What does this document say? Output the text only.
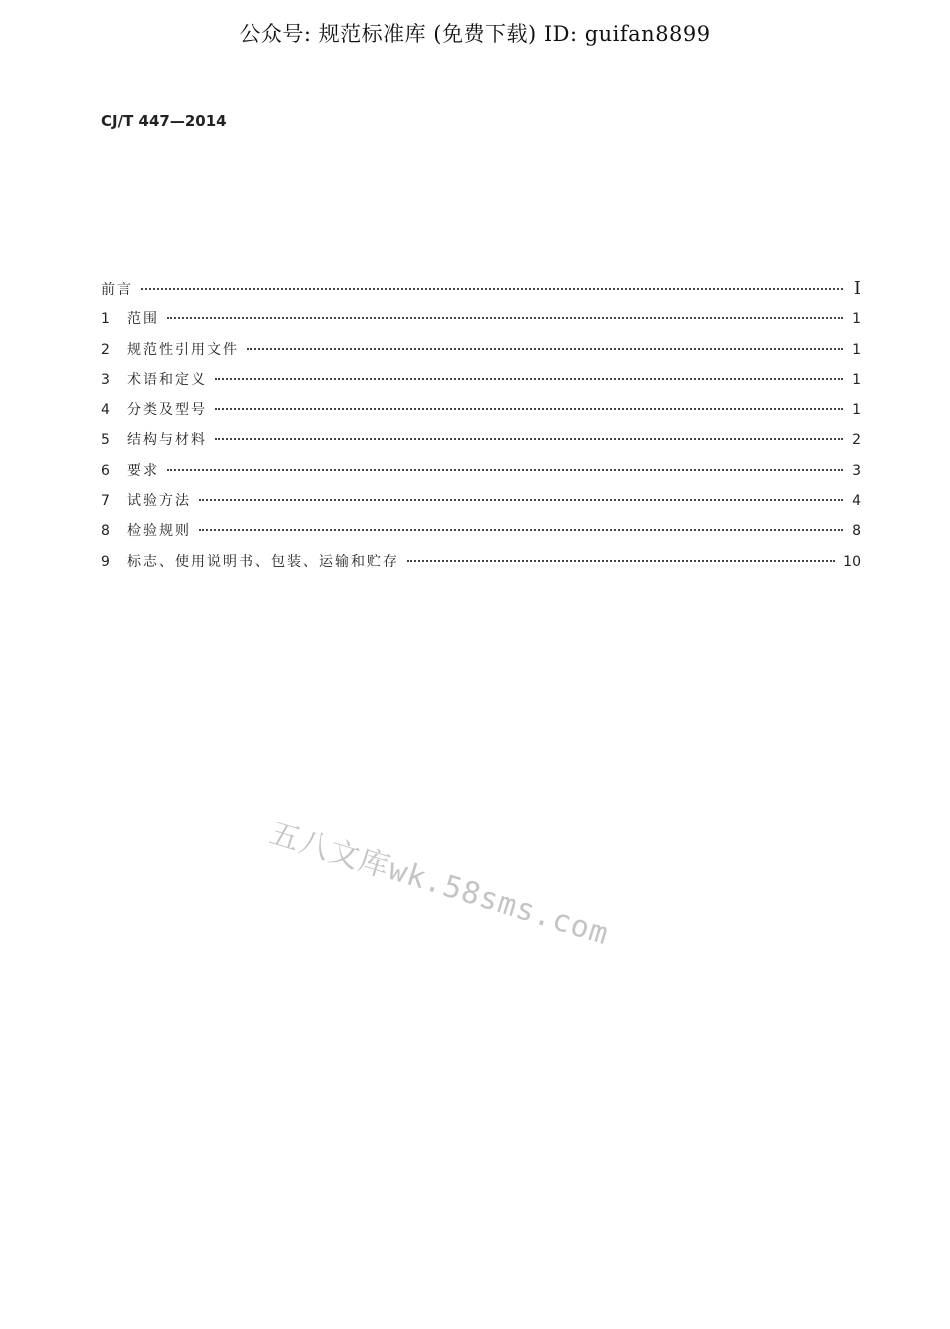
公众号: 规范标准库 (免费下载) ID: guifan8899
CJ/T 447—2014
前言	I
1	范围	1
2	规范性引用文件	1
3	术语和定义	1
4	分类及型号	1
5	结构与材料	2
6	要求	3
7	试验方法	4
8	检验规则	8
9	标志、使用说明书、包装、运输和贮存	10
五八文库wk.58sms.com
